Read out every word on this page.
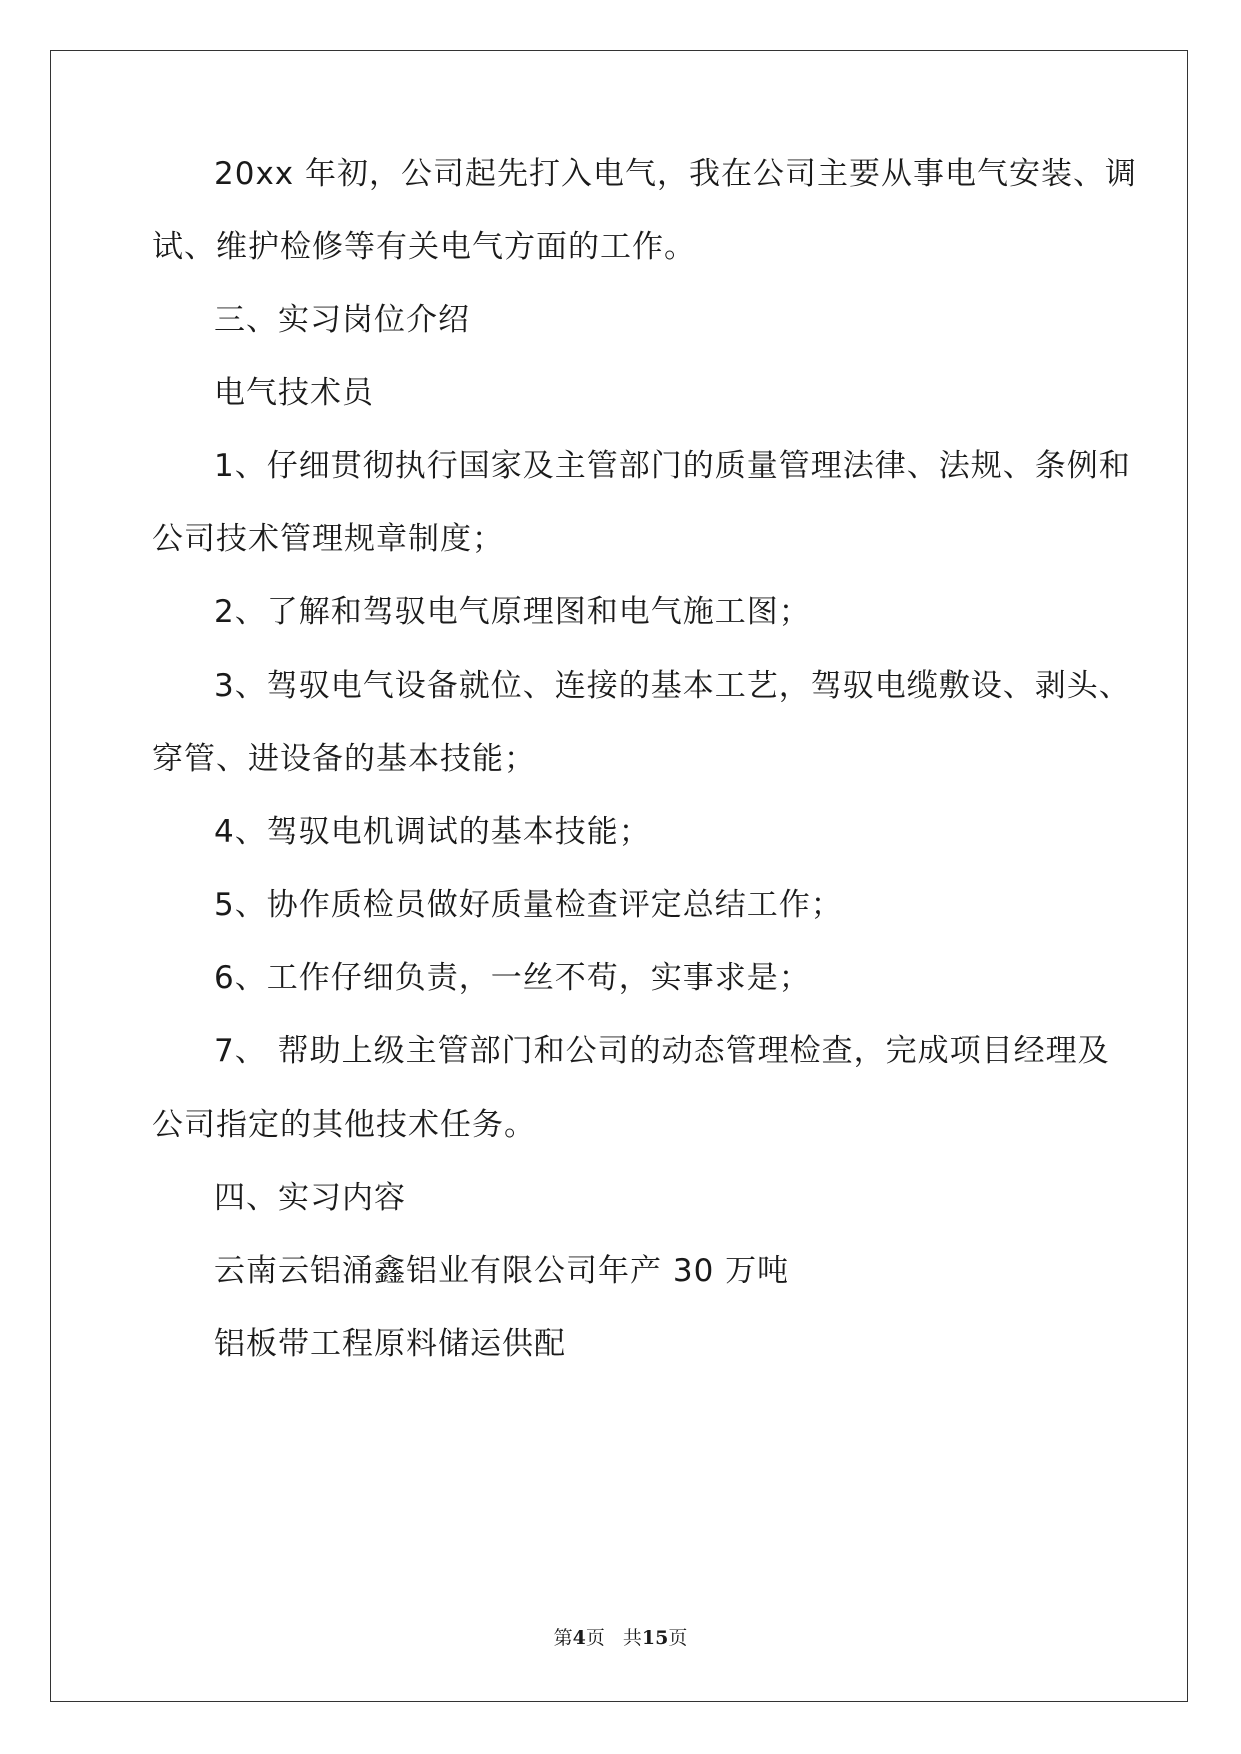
20xx 年初，公司起先打入电气，我在公司主要从事电气安装、调
试、维护检修等有关电气方面的工作。
三、实习岗位介绍
电气技术员
1、仔细贯彻执行国家及主管部门的质量管理法律、法规、条例和
公司技术管理规章制度；
2、了解和驾驭电气原理图和电气施工图；
3、驾驭电气设备就位、连接的基本工艺，驾驭电缆敷设、剥头、
穿管、进设备的基本技能；
4、驾驭电机调试的基本技能；
5、协作质检员做好质量检查评定总结工作；
6、工作仔细负责，一丝不苟，实事求是；
7、 帮助上级主管部门和公司的动态管理检查，完成项目经理及
公司指定的其他技术任务。
四、实习内容
云南云铝涌鑫铝业有限公司年产 30 万吨
铝板带工程原料储运供配
第4页 共15页
